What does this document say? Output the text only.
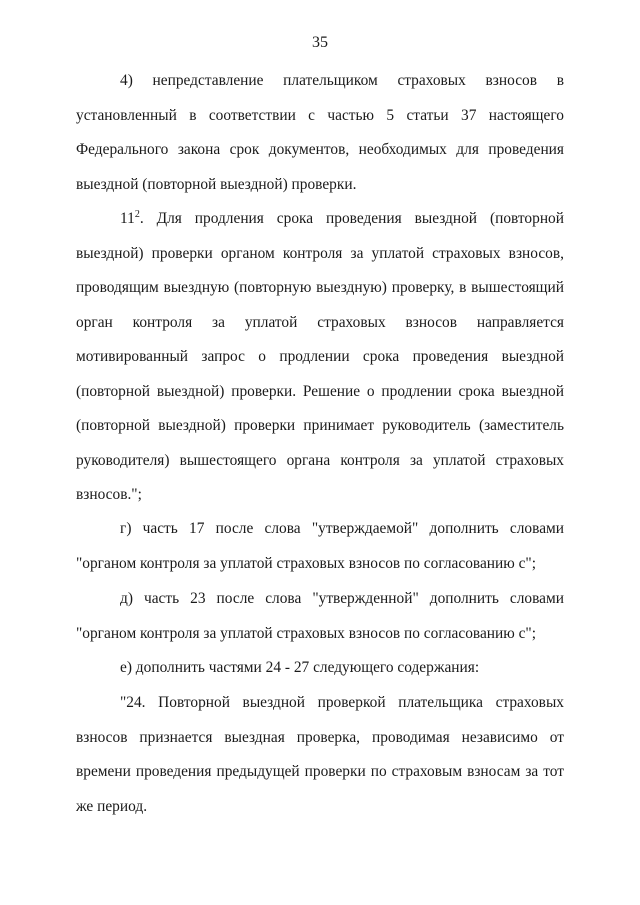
35

4) непредставление плательщиком страховых взносов в установленный в соответствии с частью 5 статьи 37 настоящего Федерального закона срок документов, необходимых для проведения выездной (повторной выездной) проверки.

$11^2$. Для продления срока проведения выездной (повторной выездной) проверки органом контроля за уплатой страховых взносов, проводящим выездную (повторную выездную) проверку, в вышестоящий орган контроля за уплатой страховых взносов направляется мотивированный запрос о продлении срока проведения выездной (повторной выездной) проверки. Решение о продлении срока выездной (повторной выездной) проверки принимает руководитель (заместитель руководителя) вышестоящего органа контроля за уплатой страховых взносов.";

г) часть 17 после слова "утверждаемой" дополнить словами "органом контроля за уплатой страховых взносов по согласованию с";

д) часть 23 после слова "утвержденной" дополнить словами "органом контроля за уплатой страховых взносов по согласованию с";

е) дополнить частями 24 - 27 следующего содержания:

"24. Повторной выездной проверкой плательщика страховых взносов признается выездная проверка, проводимая независимо от времени проведения предыдущей проверки по страховым взносам за тот же период.
